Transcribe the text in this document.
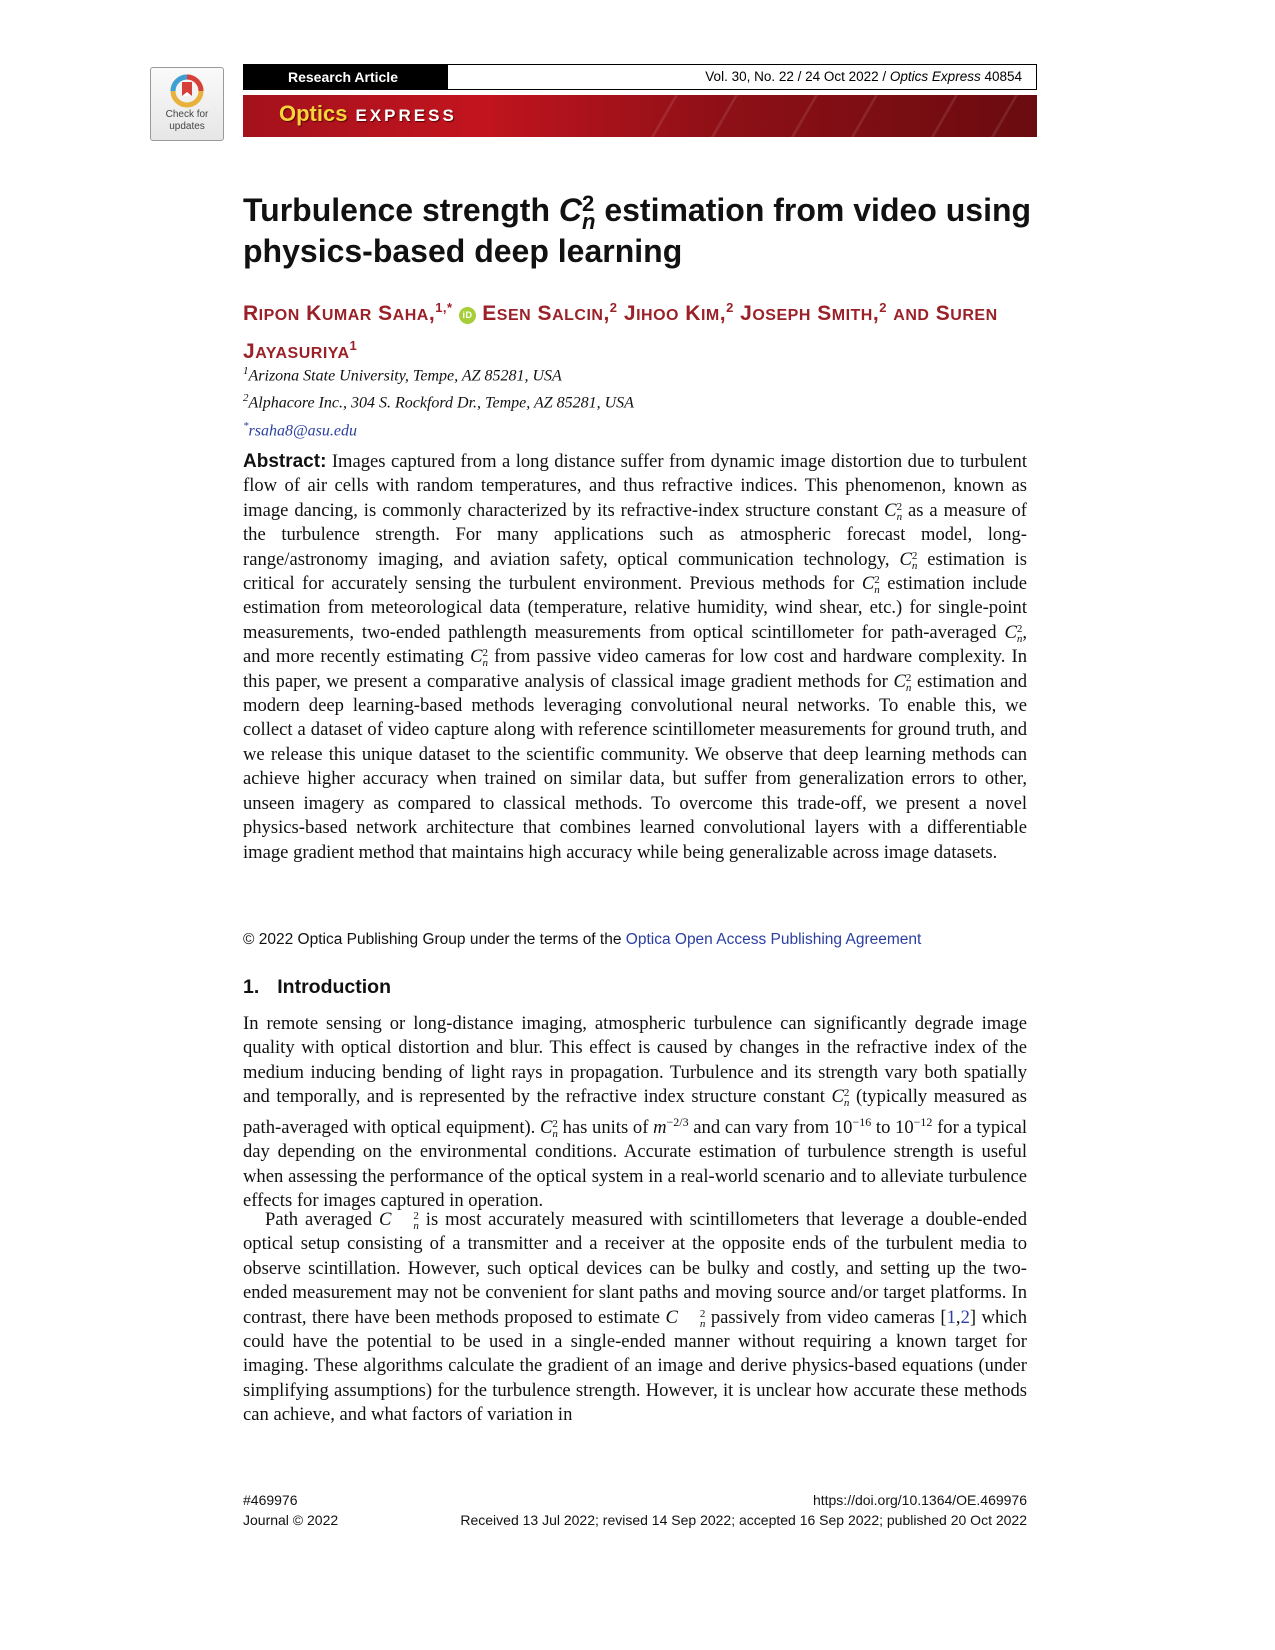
Check for
updates
Research Article	Vol. 30, No. 22 / 24 Oct 2022 / Optics Express 40854
Optics EXPRESS
Turbulence strength C 2
n estimation from video using physics-based deep learning
RIPON KUMAR SAHA,$^{1,*}$ iD ESEN SALCIN,$^2$ JIHOO KIM,$^2$ JOSEPH SMITH,$^2$ AND SUREN JAYASURIYA$^1$
$^1$Arizona State University, Tempe, AZ 85281, USA
$^2$Alphacore Inc., 304 S. Rockford Dr., Tempe, AZ 85281, USA
*rsaha8@asu.edu

Abstract: Images captured from a long distance suffer from dynamic image distortion due to turbulent flow of air cells with random temperatures, and thus refractive indices. This phenomenon, known as image dancing, is commonly characterized by its refractive-index structure constant C 2
n as a measure of the turbulence strength. For many applications such as atmospheric forecast model, long-range/astronomy imaging, and aviation safety, optical communication technology, C 2
n estimation is critical for accurately sensing the turbulent environment. Previous methods for C 2
n estimation include estimation from meteorological data (temperature, relative humidity, wind shear, etc.) for single-point measurements, two-ended pathlength measurements from optical scintillometer for path-averaged C 2
n , and more recently estimating C 2
n from passive video cameras for low cost and hardware complexity. In this paper, we present a comparative analysis of classical image gradient methods for C 2
n estimation and modern deep learning-based methods leveraging convolutional neural networks. To enable this, we collect a dataset of video capture along with reference scintillometer measurements for ground truth, and we release this unique dataset to the scientific community. We observe that deep learning methods can achieve higher accuracy when trained on similar data, but suffer from generalization errors to other, unseen imagery as compared to classical methods. To overcome this trade-off, we present a novel physics-based network architecture that combines learned convolutional layers with a differentiable image gradient method that maintains high accuracy while being generalizable across image datasets.

© 2022 Optica Publishing Group under the terms of the Optica Open Access Publishing Agreement
1. Introduction

In remote sensing or long-distance imaging, atmospheric turbulence can significantly degrade image quality with optical distortion and blur. This effect is caused by changes in the refractive index of the medium inducing bending of light rays in propagation. Turbulence and its strength vary both spatially and temporally, and is represented by the refractive index structure constant C 2
n (typically measured as path-averaged with optical equipment). C 2
n has units of $m^{-2/3}$ and can vary from $10^{-16}$ to $10^{-12}$ for a typical day depending on the environmental conditions. Accurate estimation of turbulence strength is useful when assessing the performance of the optical system in a real-world scenario and to alleviate turbulence effects for images captured in operation.

Path averaged C	2
n is most accurately measured with scintillometers that leverage a double-ended optical setup consisting of a transmitter and a receiver at the opposite ends of the turbulent media to observe scintillation. However, such optical devices can be bulky and costly, and setting up the two-ended measurement may not be convenient for slant paths and moving source and/or target platforms. In contrast, there have been methods proposed to estimate C	2
n passively from video cameras [1,2] which could have the potential to be used in a single-ended manner without requiring a known target for imaging. These algorithms calculate the gradient of an image and derive physics-based equations (under simplifying assumptions) for the turbulence strength. However, it is unclear how accurate these methods can achieve, and what factors of variation in

#469976
Journal © 2022
https://doi.org/10.1364/OE.469976
Received 13 Jul 2022; revised 14 Sep 2022; accepted 16 Sep 2022; published 20 Oct 2022
